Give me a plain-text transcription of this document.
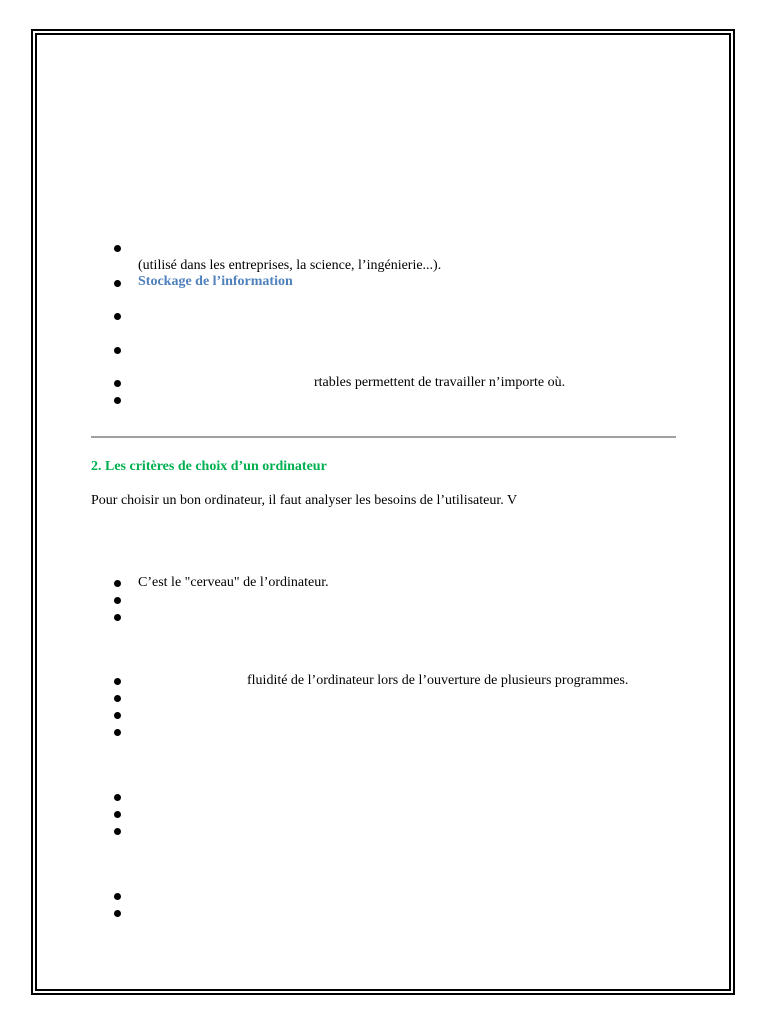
(utilisé dans les entreprises, la science, l’ingénierie...).
Stockage de l’information
rtables permettent de travailler n’importe où.
2. Les critères de choix d’un ordinateur
Pour choisir un bon ordinateur, il faut analyser les besoins de l’utilisateur. V
C’est le "cerveau" de l’ordinateur.
fluidité de l’ordinateur lors de l’ouverture de plusieurs programmes.
